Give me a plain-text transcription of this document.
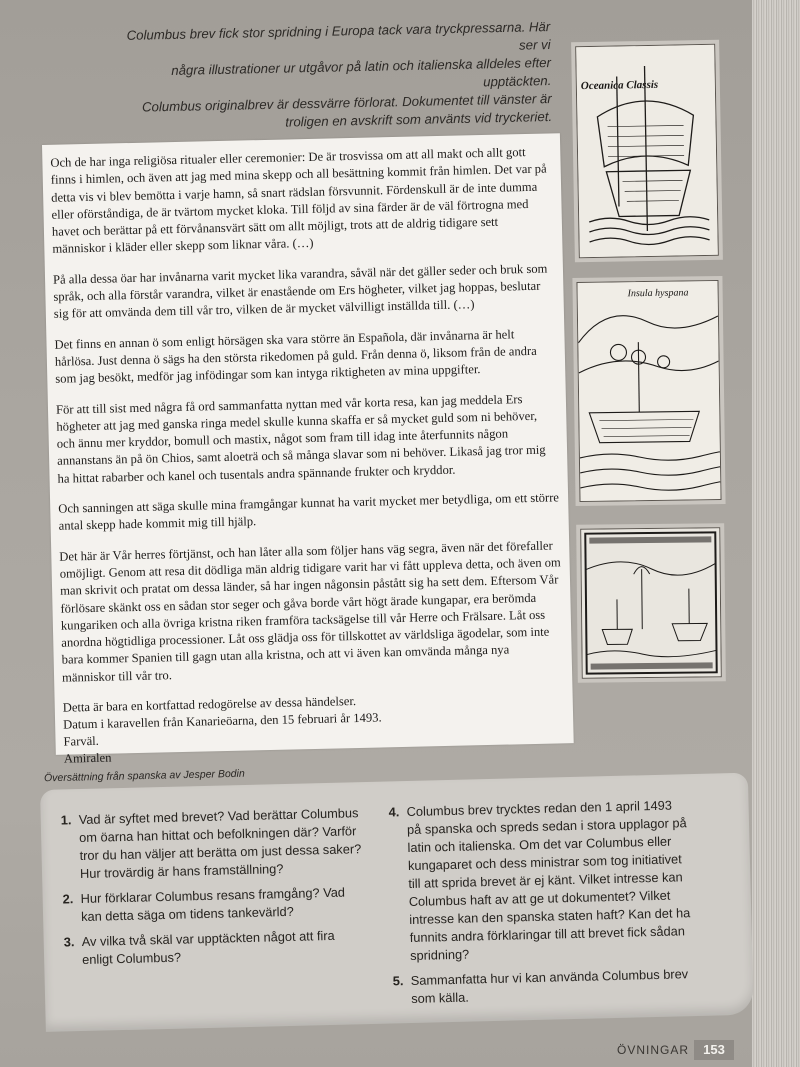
Columbus brev fick stor spridning i Europa tack vara tryckpressarna. Här ser vi
några illustrationer ur utgåvor på latin och italienska alldeles efter upptäckten.
Columbus originalbrev är dessvärre förlorat. Dokumentet till vänster är
troligen en avskrift som använts vid tryckeriet.

Och de har inga religiösa ritualer eller ceremonier: De är trosvissa om att all makt och allt gott finns i himlen, och även att jag med mina skepp och all besättning kommit från himlen. Det var på detta vis vi blev bemötta i varje hamn, så snart rädslan försvunnit. Fördenskull är de inte dumma eller oförståndiga, de är tvärtom mycket kloka. Till följd av sina färder är de väl förtrogna med havet och berättar på ett förvånansvärt sätt om allt möjligt, trots att de aldrig tidigare sett människor i kläder eller skepp som liknar våra. (…)

På alla dessa öar har invånarna varit mycket lika varandra, såväl när det gäller seder och bruk som språk, och alla förstår varandra, vilket är enastående om Ers högheter, vilket jag hoppas, beslutar sig för att omvända dem till vår tro, vilken de är mycket välvilligt inställda till. (…)

Det finns en annan ö som enligt hörsägen ska vara större än Española, där invånarna är helt hårlösa. Just denna ö sägs ha den största rikedomen på guld. Från denna ö, liksom från de andra som jag besökt, medför jag infödingar som kan intyga riktigheten av mina uppgifter.

För att till sist med några få ord sammanfatta nyttan med vår korta resa, kan jag meddela Ers högheter att jag med ganska ringa medel skulle kunna skaffa er så mycket guld som ni behöver, och ännu mer kryddor, bomull och mastix, något som fram till idag inte återfunnits någon annanstans än på ön Chios, samt aloeträ och så många slavar som ni behöver. Likaså jag tror mig ha hittat rabarber och kanel och tusentals andra spännande frukter och kryddor.

Och sanningen att säga skulle mina framgångar kunnat ha varit mycket mer betydliga, om ett större antal skepp hade kommit mig till hjälp.

Det här är Vår herres förtjänst, och han låter alla som följer hans väg segra, även när det förefaller omöjligt. Genom att resa dit dödliga män aldrig tidigare varit har vi fått uppleva detta, och även om man skrivit och pratat om dessa länder, så har ingen någonsin påstått sig ha sett dem. Eftersom Vår förlösare skänkt oss en sådan stor seger och gåva borde vårt högt ärade kungapar, era berömda kungariken och alla övriga kristna riken framföra tacksägelse till vår Herre och Frälsare. Låt oss anordna högtidliga processioner. Låt oss glädja oss för tillskottet av världsliga ägodelar, som inte bara kommer Spanien till gagn utan alla kristna, och att vi även kan omvända många nya människor till vår tro.

Detta är bara en kortfattad redogörelse av dessa händelser.

Datum i karavellen från Kanarieöarna, den 15 februari år 1493.

Farväl.

Amiralen

Oceanica Classis
Insula hyspana
Översättning från spanska av Jesper Bodin
1. Vad är syftet med brevet? Vad berättar Columbus om öarna han hittat och befolkningen där? Varför tror du han väljer att berätta om just dessa saker? Hur trovärdig är hans framställning?
2. Hur förklarar Columbus resans framgång? Vad kan detta säga om tidens tankevärld?
3. Av vilka två skäl var upptäckten något att fira enligt Columbus?
4. Columbus brev trycktes redan den 1 april 1493 på spanska och spreds sedan i stora upplagor på latin och italienska. Om det var Columbus eller kungaparet och dess ministrar som tog initiativet till att sprida brevet är ej känt. Vilket intresse kan Columbus haft av att ge ut dokumentet? Vilket intresse kan den spanska staten haft? Kan det ha funnits andra förklaringar till att brevet fick sådan spridning?
5. Sammanfatta hur vi kan använda Columbus brev som källa.
ÖVNINGAR	153
